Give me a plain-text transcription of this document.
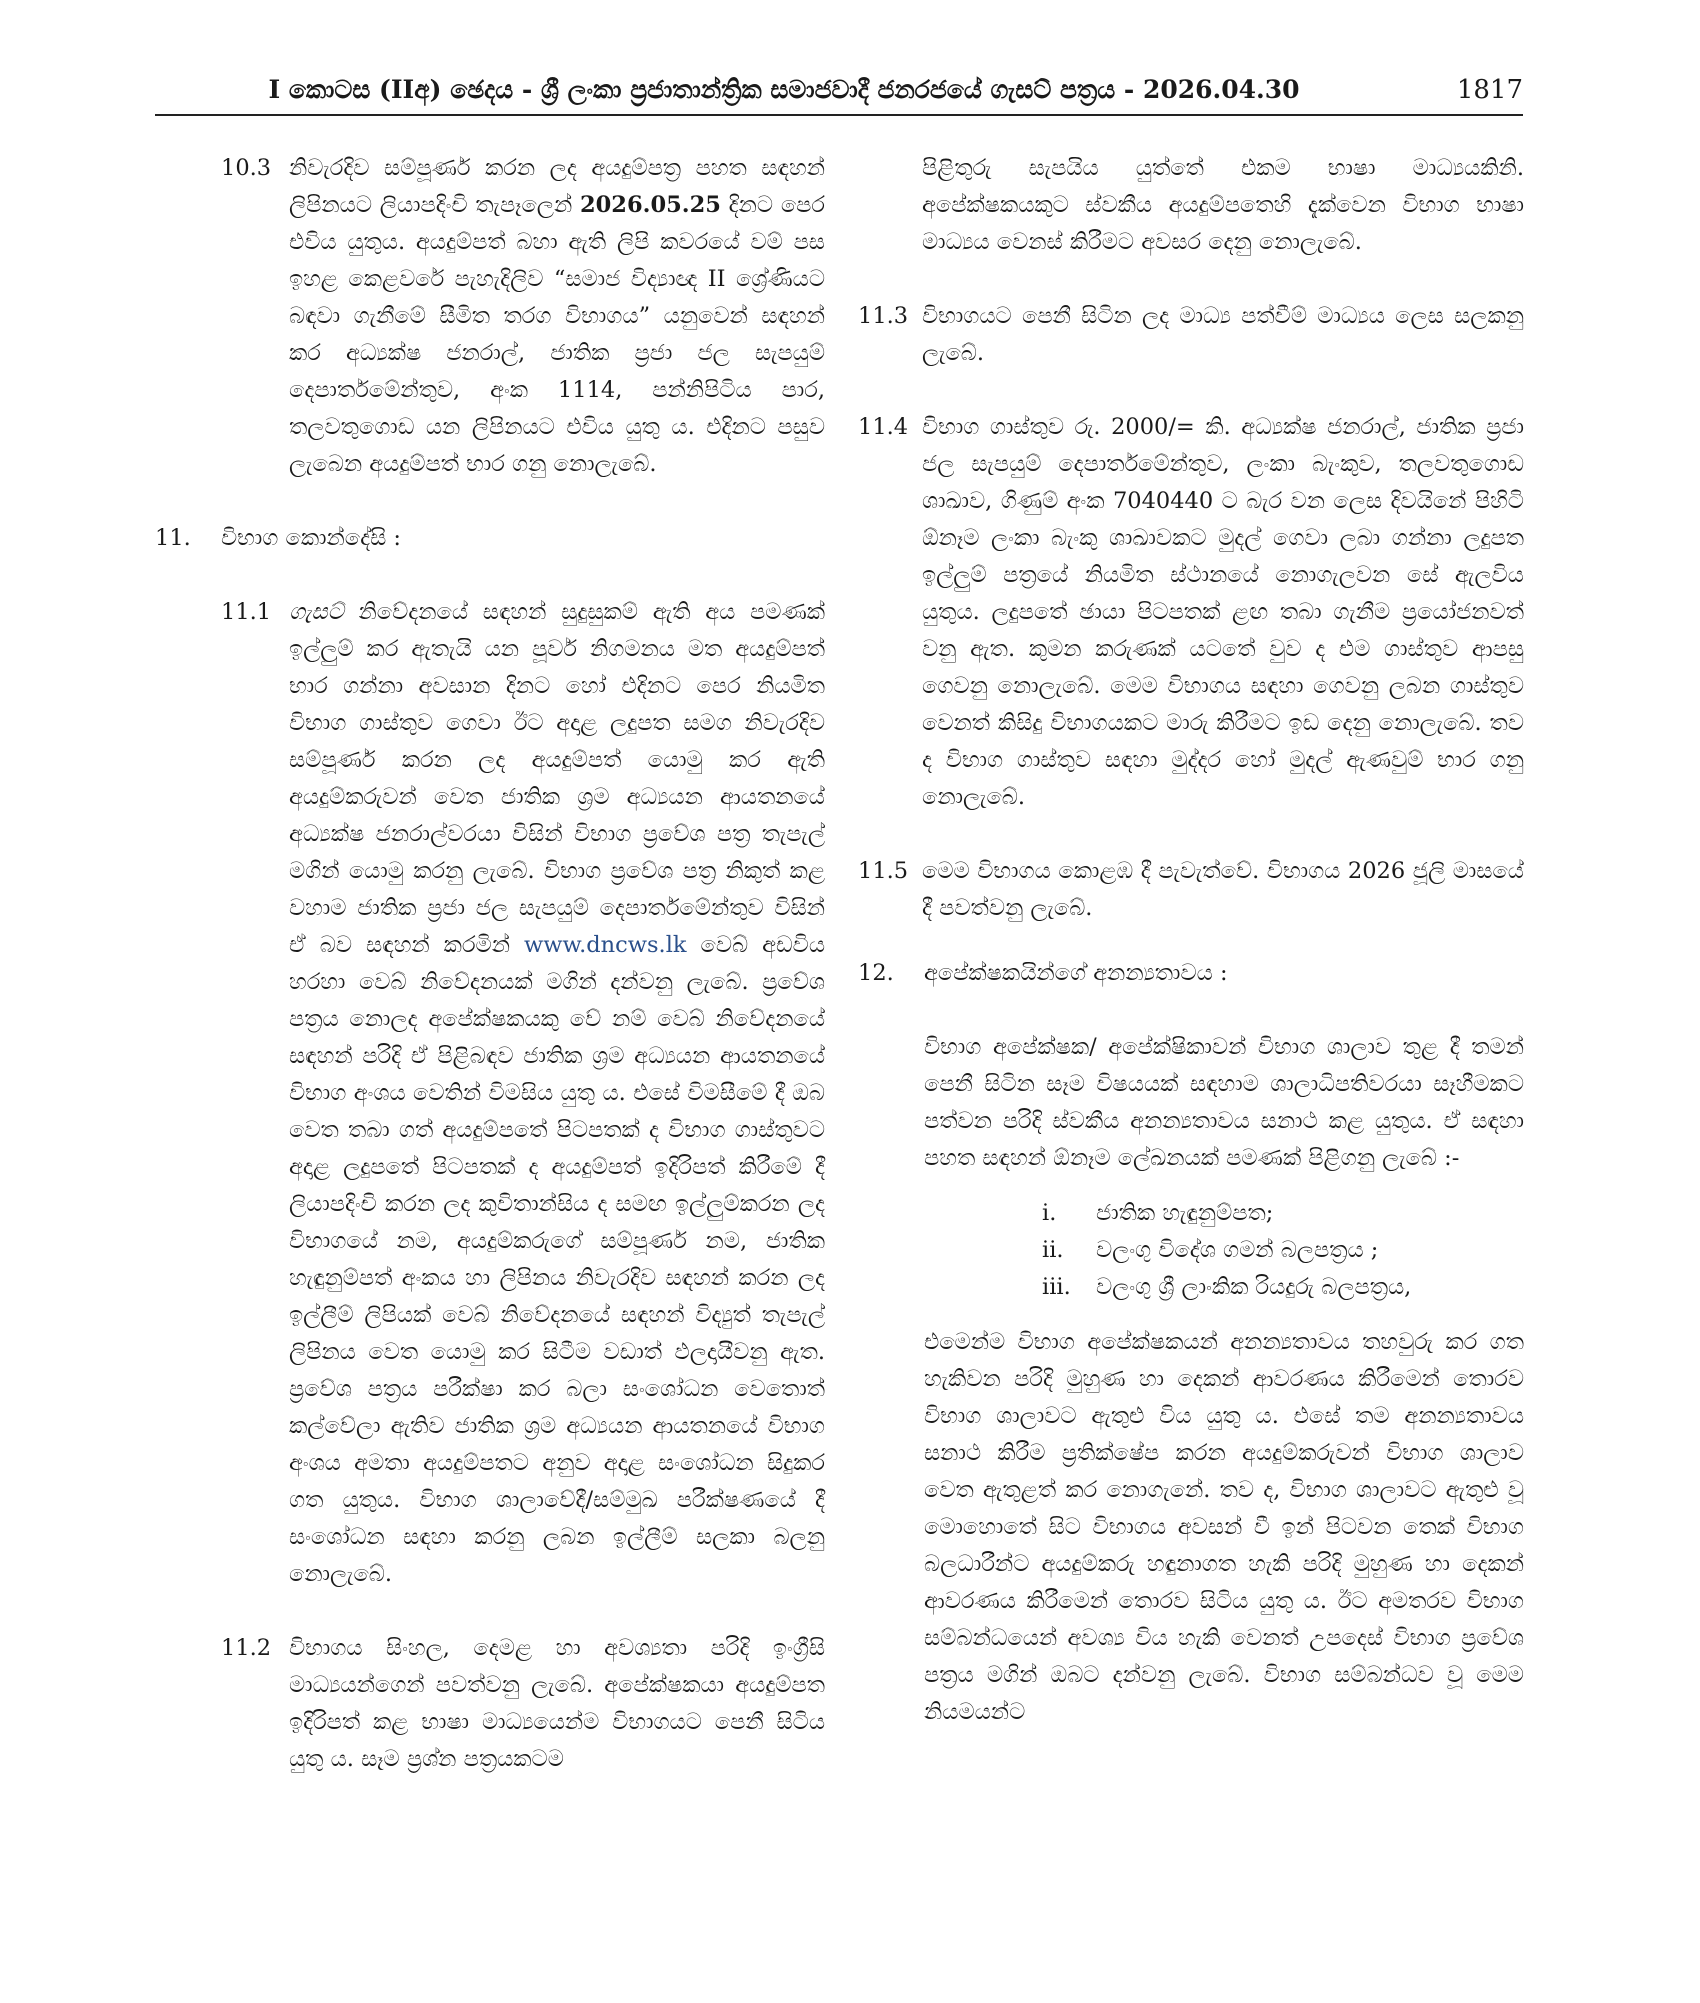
I කොටස (IIඅ) ඡෙදය - ශ්‍රී ලංකා ප්‍රජාතාන්ත්‍රික සමාජවාදී ජනරජයේ ගැසට් පත්‍රය - 2026.04.30	1817
10.3 නිවැරදිව සම්පූර්ණ කරන ලද අයදුම්පත්‍ර පහත සඳහන් ලිපිනයට ලියාපදිංචි තැපෑලෙන් 2026.05.25 දිනට පෙර එවිය යුතුය. අයදුම්පත් බහා ඇති ලිපි කවරයේ වම් පස ඉහළ කෙළවරේ පැහැදිලිව “සමාජ විද්‍යාඥ II ශ්‍රේණියට බඳවා ගැනීමේ සීමිත තරග විභාගය” යනුවෙන් සඳහන් කර අධ්‍යක්ෂ ජනරාල්, ජාතික ප්‍රජා ජල සැපයුම් දෙපාර්තමේන්තුව, අංක 1114, පන්නිපිටිය පාර, තලවතුගොඩ යන ලිපිනයට එවිය යුතු ය. එදිනට පසුව ලැබෙන අයදුම්පත් භාර ගනු නොලැබේ.

11. විභාග කොන්දේසි :

11.1 ගැසට් නිවේදනයේ සඳහන් සුදුසුකම් ඇති අය පමණක් ඉල්ලුම් කර ඇතැයි යන පූර්ව නිගමනය මත අයදුම්පත් භාර ගන්නා අවසාන දිනට හෝ එදිනට පෙර නියමිත විභාග ගාස්තුව ගෙවා ඊට අදාළ ලදුපත සමග නිවැරදිව සම්පූර්ණ කරන ලද අයදුම්පත් යොමු කර ඇති අයදුම්කරුවන් වෙත ජාතික ශ්‍රම අධ්‍යයන ආයතනයේ අධ්‍යක්ෂ ජනරාල්වරයා විසින් විභාග ප්‍රවේශ පත්‍ර තැපැල් මගින් යොමු කරනු ලැබේ. විභාග ප්‍රවේශ පත්‍ර නිකුත් කළ වහාම ජාතික ප්‍රජා ජල සැපයුම් දෙපාර්තමේන්තුව විසින් ඒ බව සඳහන් කරමින් www.dncws.lk වෙබ් අඩවිය හරහා වෙබ් නිවේදනයක් මගින් දන්වනු ලැබේ. ප්‍රවේශ පත්‍රය නොලද අපේක්ෂකයකු වේ නම් වෙබ් නිවේදනයේ සඳහන් පරිදි ඒ පිළිබඳව ජාතික ශ්‍රම අධ්‍යයන ආයතනයේ විභාග අංශය වෙතින් විමසිය යුතු ය. එසේ විමසීමේ දී ඔබ වෙත තබා ගත් අයදුම්පතේ පිටපතක් ද විභාග ගාස්තුවට අදාළ ලදුපතේ පිටපතක් ද අයදුම්පත් ඉදිරිපත් කිරීමේ දී ලියාපදිංචි කරන ලද කුවිතාන්සිය ද සමඟ ඉල්ලුම්කරන ලද විභාගයේ නම, අයදුම්කරුගේ සම්පූර්ණ නම, ජාතික හැඳුනුම්පත් අංකය හා ලිපිනය නිවැරදිව සඳහන් කරන ලද ඉල්ලීම් ලිපියක් වෙබ් නිවේදනයේ සඳහන් විද්‍යුත් තැපැල් ලිපිනය වෙත යොමු කර සිටීම වඩාත් ඵලදායීවනු ඇත. ප්‍රවේශ පත්‍රය පරීක්ෂා කර බලා සංශෝධන වෙතොත් කල්වේලා ඇතිව ජාතික ශ්‍රම අධ්‍යයන ආයතනයේ විභාග අංශය අමතා අයදුම්පතට අනුව අදාළ සංශෝධන සිදුකර ගත යුතුය. විභාග ශාලාවේදී/සම්මුඛ පරීක්ෂණයේ දී සංශෝධන සඳහා කරනු ලබන ඉල්ලීම් සලකා බලනු නොලැබේ.

11.2 විභාගය සිංහල, දෙමළ හා අවශ්‍යතා පරිදි ඉංග්‍රීසි මාධ්‍යයන්ගෙන් පවත්වනු ලැබේ. අපේක්ෂකයා අයදුම්පත ඉදිරිපත් කළ භාෂා මාධ්‍යයෙන්ම විභාගයට පෙනී සිටිය යුතු ය. සෑම ප්‍රශ්න පත්‍රයකටම

පිළිතුරු සැපයිය යුත්තේ එකම භාෂා මාධ්‍යයකිනි. අපේක්ෂකයකුට ස්වකීය අයදුම්පතෙහි දැක්වෙන විභාග භාෂා මාධ්‍යය වෙනස් කිරීමට අවසර දෙනු නොලැබේ.

11.3 විභාගයට පෙනී සිටින ලද මාධ්‍ය පත්වීම් මාධ්‍යය ලෙස සලකනු ලැබේ.

11.4 විභාග ගාස්තුව රු. 2000/= කි. අධ්‍යක්ෂ ජනරාල්, ජාතික ප්‍රජා ජල සැපයුම් දෙපාර්තමේන්තුව, ලංකා බැංකුව, තලවතුගොඩ ශාඛාව, ගිණුම් අංක 7040440 ට බැර වන ලෙස දිවයිනේ පිහිටි ඕනෑම ලංකා බැංකු ශාඛාවකට මුදල් ගෙවා ලබා ගන්නා ලදුපත ඉල්ලුම් පත්‍රයේ නියමිත ස්ථානයේ නොගැලවන සේ ඇලවිය යුතුය. ලදුපතේ ඡායා පිටපතක් ළඟ තබා ගැනීම ප්‍රයෝජනවත් වනු ඇත. කුමන කරුණක් යටතේ වුව ද එම ගාස්තුව ආපසු ගෙවනු නොලැබේ. මෙම විභාගය සඳහා ගෙවනු ලබන ගාස්තුව වෙනත් කිසිදු විභාගයකට මාරු කිරීමට ඉඩ දෙනු නොලැබේ. තව ද විභාග ගාස්තුව සඳහා මුද්දර හෝ මුදල් ඇණවුම් භාර ගනු නොලැබේ.

11.5 මෙම විභාගය කොළඹ දී පැවැත්වේ. විභාගය 2026 ජූලි මාසයේ දී පවත්වනු ලැබේ.

12. අපේක්ෂකයින්ගේ අනන්‍යතාවය :

විභාග අපේක්ෂක/ අපේක්ෂිකාවන් විභාග ශාලාව තුළ දී තමන් පෙනී සිටින සෑම විෂයයක් සඳහාම ශාලාධිපතිවරයා සෑහීමකට පත්වන පරිදි ස්වකීය අනන්‍යතාවය සනාථ කළ යුතුය. ඒ සඳහා පහත සඳහන් ඕනෑම ලේඛනයක් පමණක් පිළිගනු ලැබේ :-

i. ජාතික හැඳුනුම්පත;
ii. වලංගු විදේශ ගමන් බලපත්‍රය ;
iii. වලංගු ශ්‍රී ලාංකික රියදුරු බලපත්‍රය,

එමෙන්ම විභාග අපේක්ෂකයන් අනන්‍යතාවය තහවුරු කර ගත හැකිවන පරිදි මුහුණ හා දෙකන් ආවරණය කිරීමෙන් තොරව විභාග ශාලාවට ඇතුළු විය යුතු ය. එසේ තම අනන්‍යතාවය සනාථ කිරීම ප්‍රතික්ෂේප කරන අයදුම්කරුවන් විභාග ශාලාව වෙත ඇතුළත් කර නොගැනේ. තව ද, විභාග ශාලාවට ඇතුළු වූ මොහොතේ සිට විභාගය අවසන් වී ඉන් පිටවන තෙක් විභාග බලධාරීන්ට අයදුම්කරු හඳුනාගත හැකි පරිදි මුහුණ හා දෙකන් ආවරණය කිරීමෙන් තොරව සිටිය යුතු ය. ඊට අමතරව විභාග සම්බන්ධයෙන් අවශ්‍ය විය හැකි වෙනත් උපදෙස් විභාග ප්‍රවේශ පත්‍රය මගින් ඔබට දන්වනු ලැබේ. විභාග සම්බන්ධව වූ මෙම නියමයන්ට
